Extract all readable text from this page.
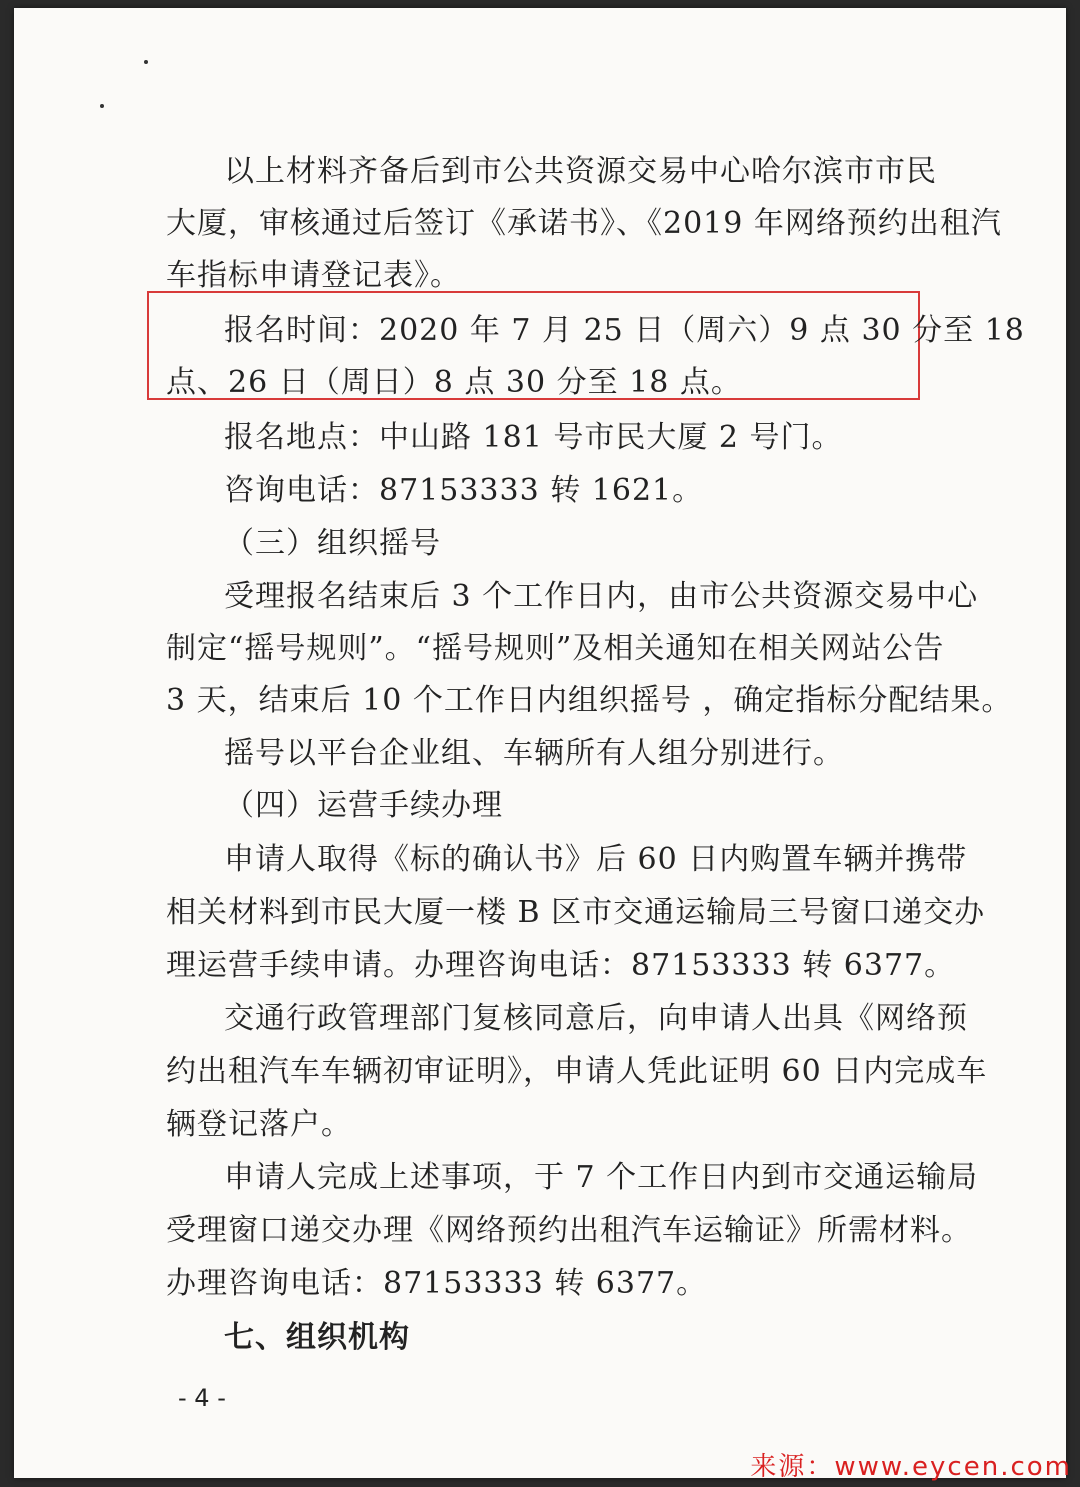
以上材料齐备后到市公共资源交易中心哈尔滨市市民
大厦，审核通过后签订《承诺书》、《2019 年网络预约出租汽
车指标申请登记表》。
报名时间：2020 年 7 月 25 日（周六）9 点 30 分至 18
点、26 日（周日）8 点 30 分至 18 点。
报名地点：中山路 181 号市民大厦 2 号门。
咨询电话：87153333 转 1621。
（三）组织摇号
受理报名结束后 3 个工作日内，由市公共资源交易中心
制定“摇号规则”。“摇号规则”及相关通知在相关网站公告
3 天，结束后 10 个工作日内组织摇号 ，确定指标分配结果。
摇号以平台企业组、车辆所有人组分别进行。
（四）运营手续办理
申请人取得《标的确认书》后 60 日内购置车辆并携带
相关材料到市民大厦一楼 B 区市交通运输局三号窗口递交办
理运营手续申请。办理咨询电话：87153333 转 6377。
交通行政管理部门复核同意后，向申请人出具《网络预
约出租汽车车辆初审证明》，申请人凭此证明 60 日内完成车
辆登记落户。
申请人完成上述事项，于 7 个工作日内到市交通运输局
受理窗口递交办理《网络预约出租汽车运输证》所需材料。
办理咨询电话：87153333 转 6377。
七、组织机构
- 4 -
来源：www.eycen.com
